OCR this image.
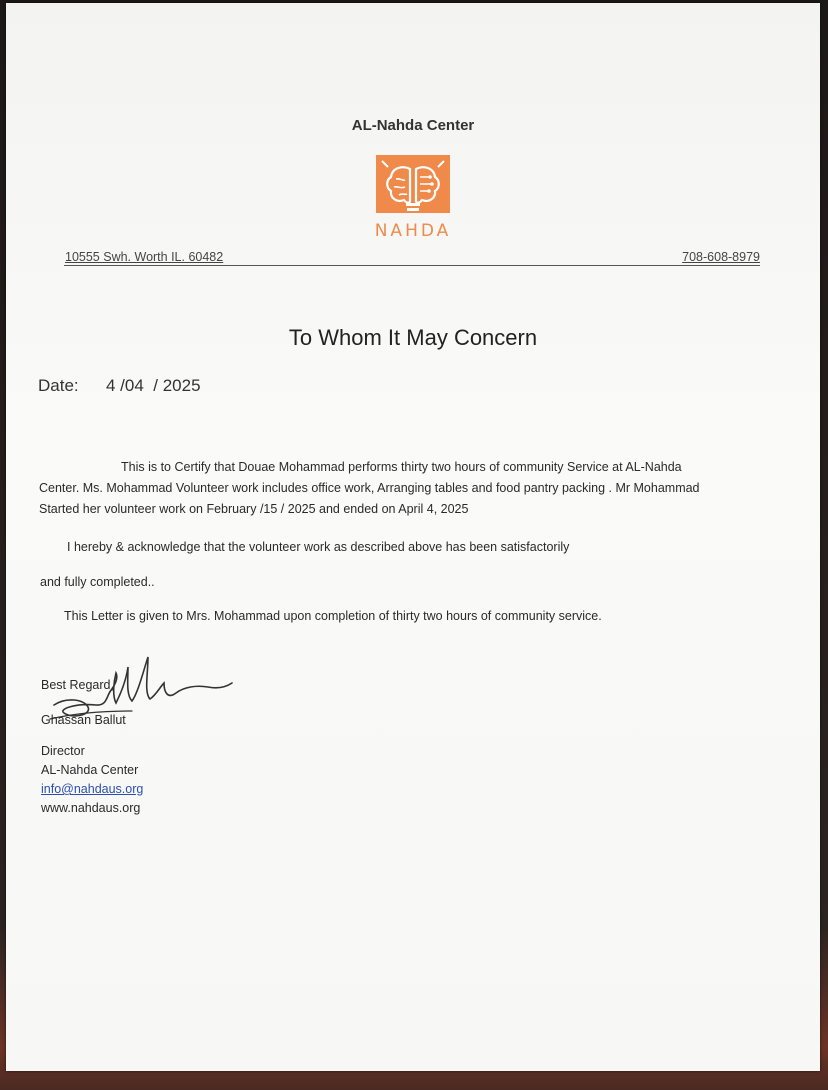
AL-Nahda Center
NAHDA
10555 Swh. Worth IL. 60482	708-608-8979
To Whom It May Concern
Date: 4 /04  / 2025
This is to Certify that Douae Mohammad performs thirty two hours of community Service at AL-Nahda
Center. Ms. Mohammad Volunteer work includes office work, Arranging tables and food pantry packing . Mr Mohammad
Started her volunteer work on February /15 / 2025 and ended on April 4, 2025
I hereby & acknowledge that the volunteer work as described above has been satisfactorily
and fully completed..
This Letter is given to Mrs. Mohammad upon completion of thirty two hours of community service.
Best Regard,
Ghassan Ballut
Director
AL-Nahda Center
info@nahdaus.org
www.nahdaus.org
